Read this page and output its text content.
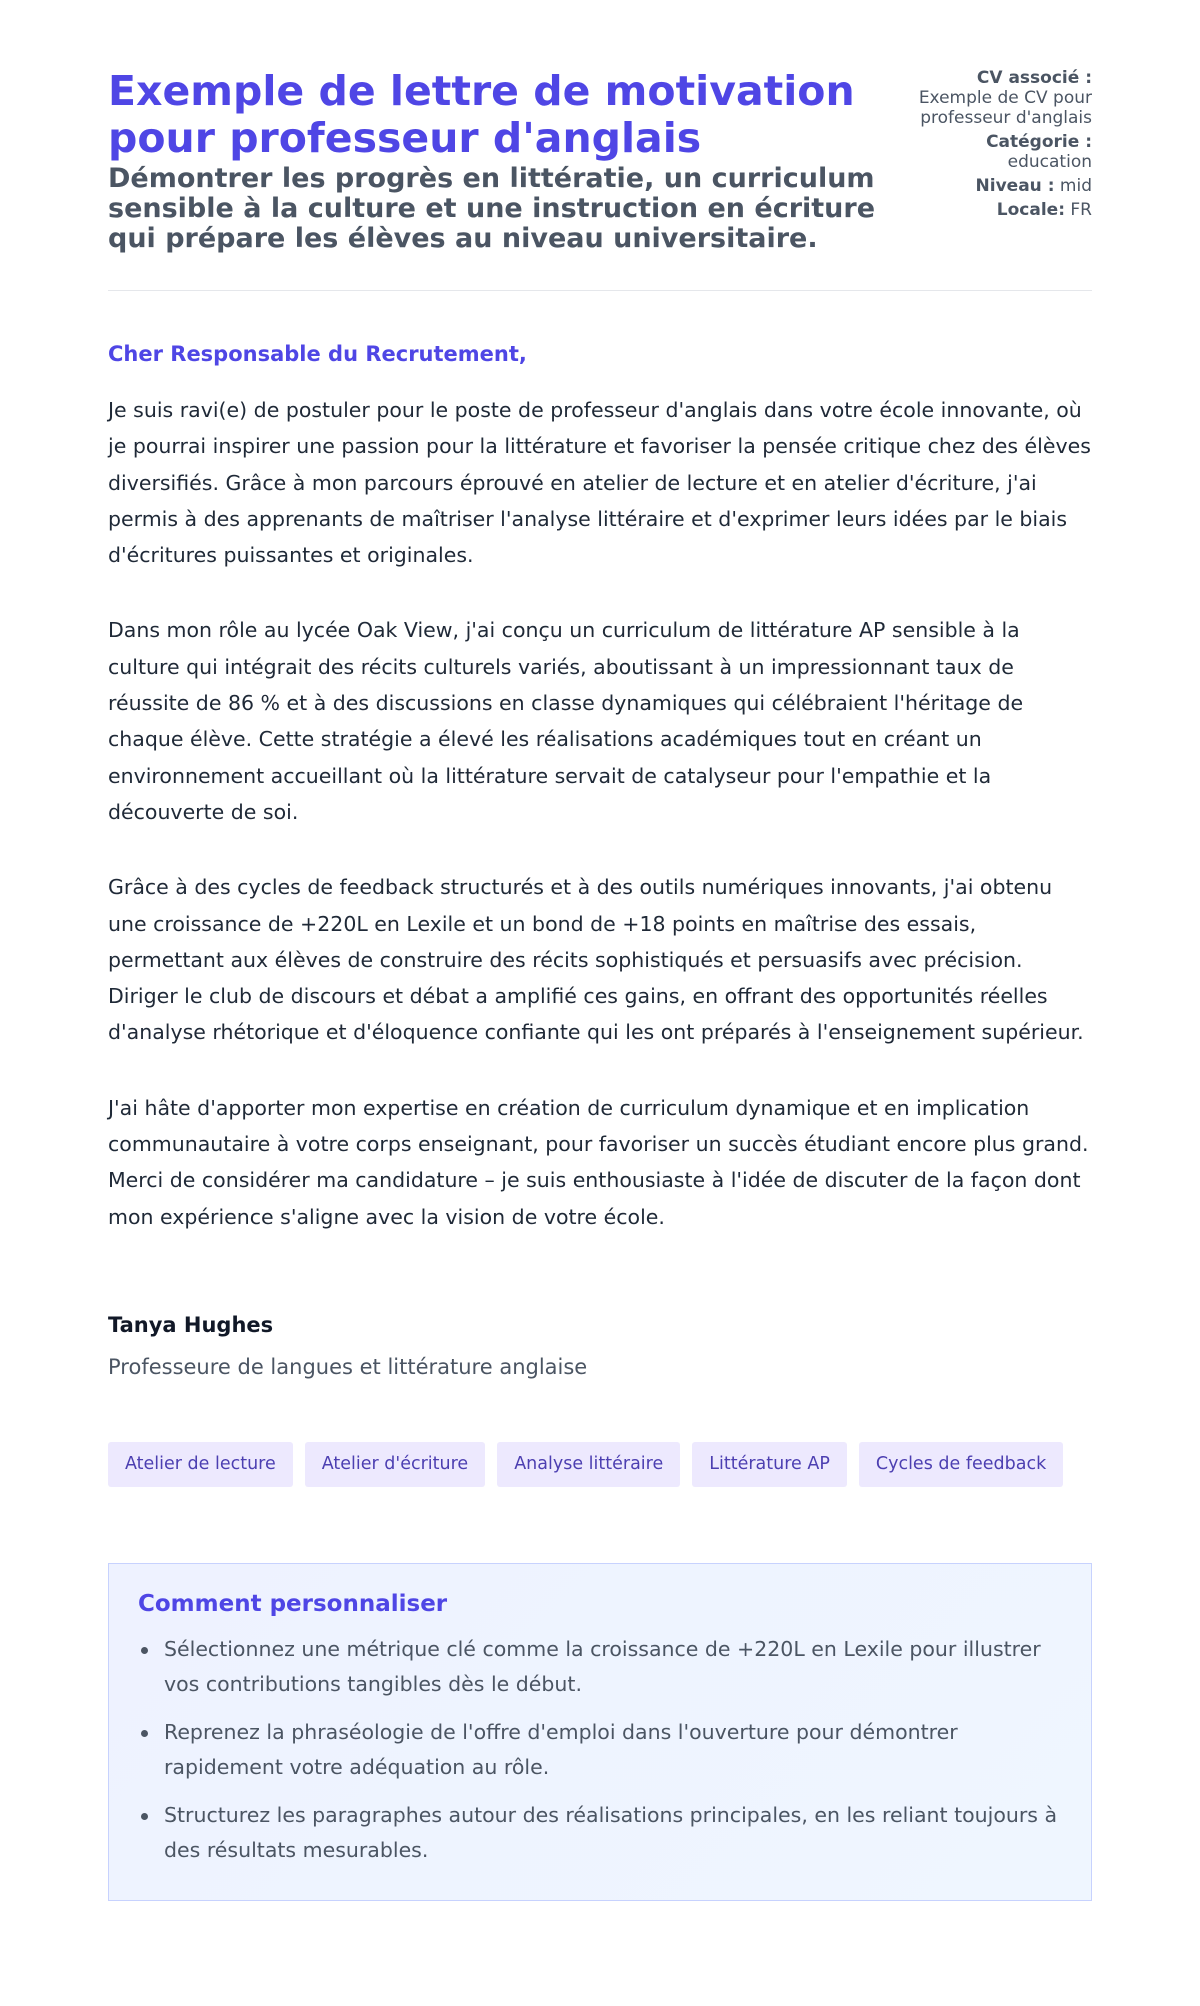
Exemple de lettre de motivation pour professeur d'anglais
Démontrer les progrès en littératie, un curriculum sensible à la culture et une instruction en écriture qui prépare les élèves au niveau universitaire.
CV associé :
Exemple de CV pour professeur d'anglais
Catégorie :
education
Niveau : mid
Locale: FR
Cher Responsable du Recrutement,

Je suis ravi(e) de postuler pour le poste de professeur d'anglais dans votre école innovante, où je pourrai inspirer une passion pour la littérature et favoriser la pensée critique chez des élèves diversifiés. Grâce à mon parcours éprouvé en atelier de lecture et en atelier d'écriture, j'ai permis à des apprenants de maîtriser l'analyse littéraire et d'exprimer leurs idées par le biais d'écritures puissantes et originales.

Dans mon rôle au lycée Oak View, j'ai conçu un curriculum de littérature AP sensible à la culture qui intégrait des récits culturels variés, aboutissant à un impressionnant taux de réussite de 86 % et à des discussions en classe dynamiques qui célébraient l'héritage de chaque élève. Cette stratégie a élevé les réalisations académiques tout en créant un environnement accueillant où la littérature servait de catalyseur pour l'empathie et la découverte de soi.

Grâce à des cycles de feedback structurés et à des outils numériques innovants, j'ai obtenu une croissance de +220L en Lexile et un bond de +18 points en maîtrise des essais, permettant aux élèves de construire des récits sophistiqués et persuasifs avec précision. Diriger le club de discours et débat a amplifié ces gains, en offrant des opportunités réelles d'analyse rhétorique et d'éloquence confiante qui les ont préparés à l'enseignement supérieur.

J'ai hâte d'apporter mon expertise en création de curriculum dynamique et en implication communautaire à votre corps enseignant, pour favoriser un succès étudiant encore plus grand. Merci de considérer ma candidature – je suis enthousiaste à l'idée de discuter de la façon dont mon expérience s'aligne avec la vision de votre école.

Tanya Hughes
Professeure de langues et littérature anglaise
Atelier de lecture	Atelier d'écriture	Analyse littéraire	Littérature AP	Cycles de feedback
Comment personnaliser
Sélectionnez une métrique clé comme la croissance de +220L en Lexile pour illustrer vos contributions tangibles dès le début.
Reprenez la phraséologie de l'offre d'emploi dans l'ouverture pour démontrer rapidement votre adéquation au rôle.
Structurez les paragraphes autour des réalisations principales, en les reliant toujours à des résultats mesurables.
